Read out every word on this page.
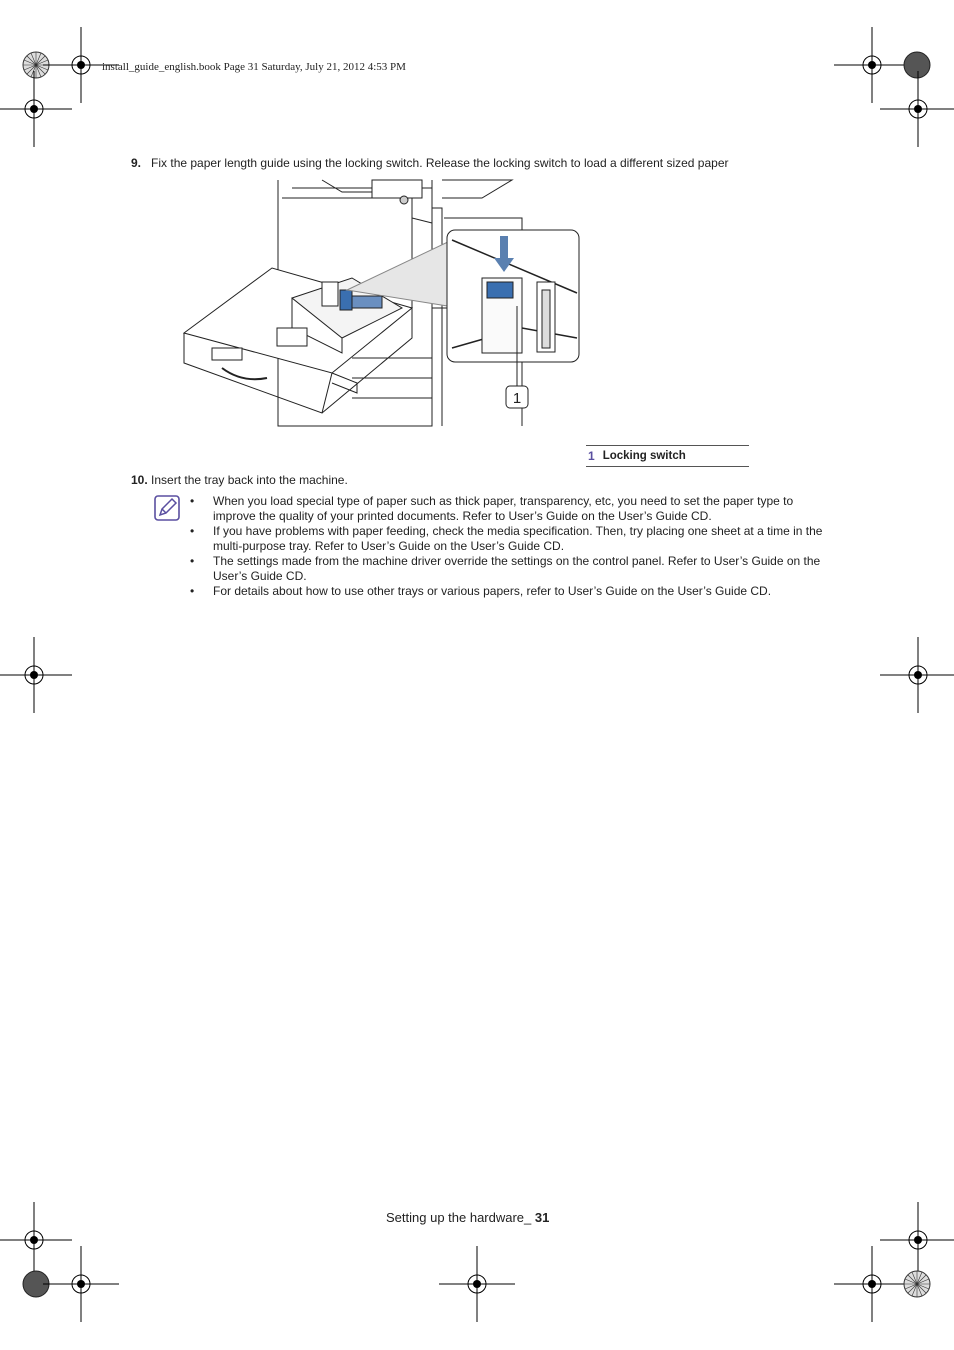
install_guide_english.book Page 31 Saturday, July 21, 2012 4:53 PM
9. Fix the paper length guide using the locking switch. Release the locking switch to load a different sized paper
1
1 Locking switch
10. Insert the tray back into the machine.
• When you load special type of paper such as thick paper, transparency, etc, you need to set the paper type to improve the quality of your printed documents. Refer to User’s Guide on the User’s Guide CD.
• If you have problems with paper feeding, check the media specification. Then, try placing one sheet at a time in the multi-purpose tray. Refer to User’s Guide on the User’s Guide CD.
• The settings made from the machine driver override the settings on the control panel. Refer to User’s Guide on the User’s Guide CD.
• For details about how to use other trays or various papers, refer to User’s Guide on the User’s Guide CD.
Setting up the hardware_ 31
